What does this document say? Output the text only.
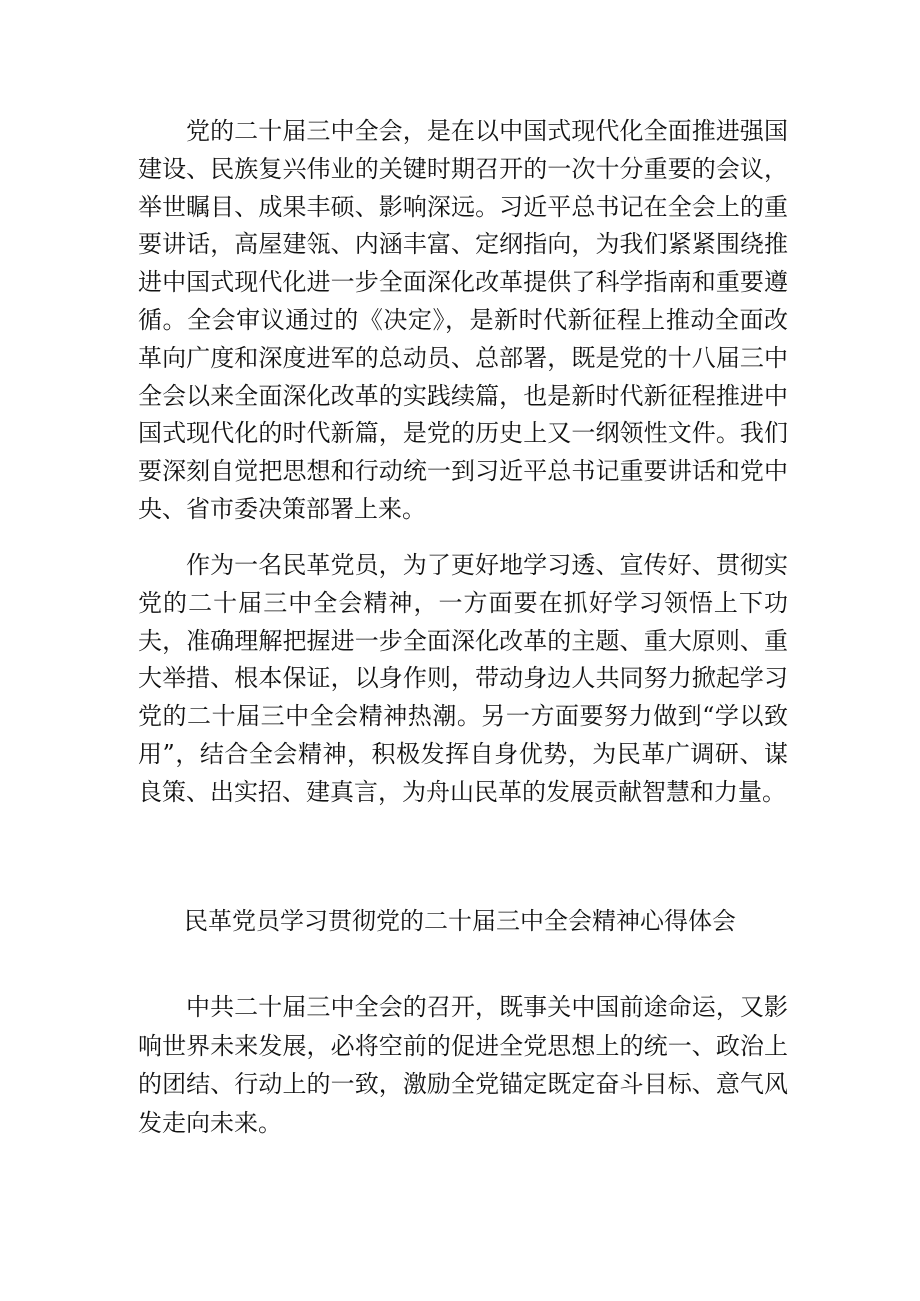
党的二十届三中全会，是在以中国式现代化全面推进强国建设、民族复兴伟业的关键时期召开的一次十分重要的会议，举世瞩目、成果丰硕、影响深远。习近平总书记在全会上的重要讲话，高屋建瓴、内涵丰富、定纲指向，为我们紧紧围绕推进中国式现代化进一步全面深化改革提供了科学指南和重要遵循。全会审议通过的《决定》，是新时代新征程上推动全面改革向广度和深度进军的总动员、总部署，既是党的十八届三中全会以来全面深化改革的实践续篇，也是新时代新征程推进中国式现代化的时代新篇，是党的历史上又一纲领性文件。我们要深刻自觉把思想和行动统一到习近平总书记重要讲话和党中央、省市委决策部署上来。

作为一名民革党员，为了更好地学习透、宣传好、贯彻实党的二十届三中全会精神，一方面要在抓好学习领悟上下功夫，准确理解把握进一步全面深化改革的主题、重大原则、重大举措、根本保证，以身作则，带动身边人共同努力掀起学习党的二十届三中全会精神热潮。另一方面要努力做到“学以致用”，结合全会精神，积极发挥自身优势，为民革广调研、谋良策、出实招、建真言，为舟山民革的发展贡献智慧和力量。

民革党员学习贯彻党的二十届三中全会精神心得体会

中共二十届三中全会的召开，既事关中国前途命运，又影响世界未来发展，必将空前的促进全党思想上的统一、政治上的团结、行动上的一致，激励全党锚定既定奋斗目标、意气风发走向未来。
